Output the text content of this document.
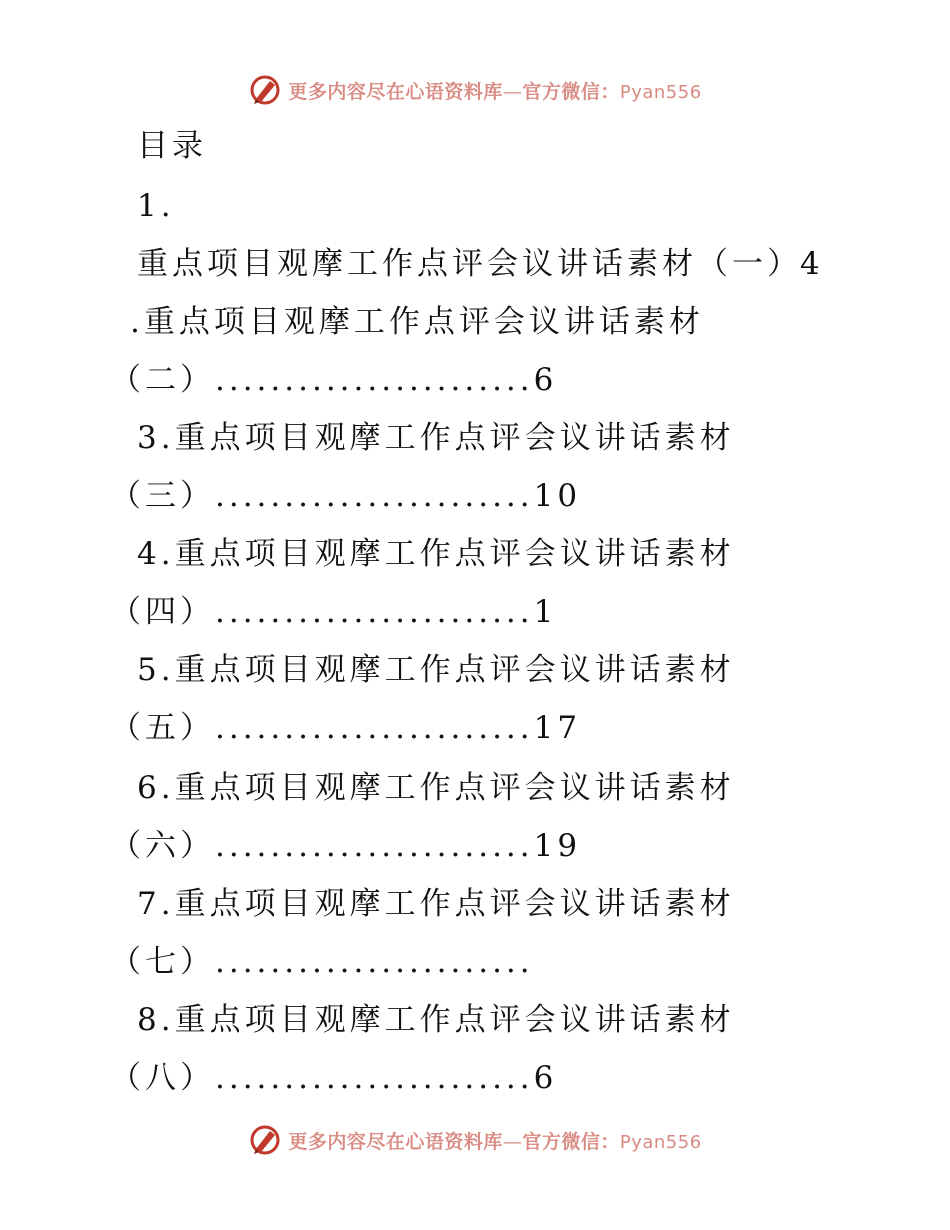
更多内容尽在心语资料库—官方微信：Pyan556
目录
1.
重点项目观摩工作点评会议讲话素材（一）
4
.重点项目观摩工作点评会议讲话素材
（二）.......................6
3.重点项目观摩工作点评会议讲话素材
（三）.......................10
4.重点项目观摩工作点评会议讲话素材
（四）.......................1
5.重点项目观摩工作点评会议讲话素材
（五）.......................17
6.重点项目观摩工作点评会议讲话素材
（六）.......................19
7.重点项目观摩工作点评会议讲话素材
（七）.......................
8.重点项目观摩工作点评会议讲话素材
（八）.......................6
更多内容尽在心语资料库—官方微信：Pyan556
